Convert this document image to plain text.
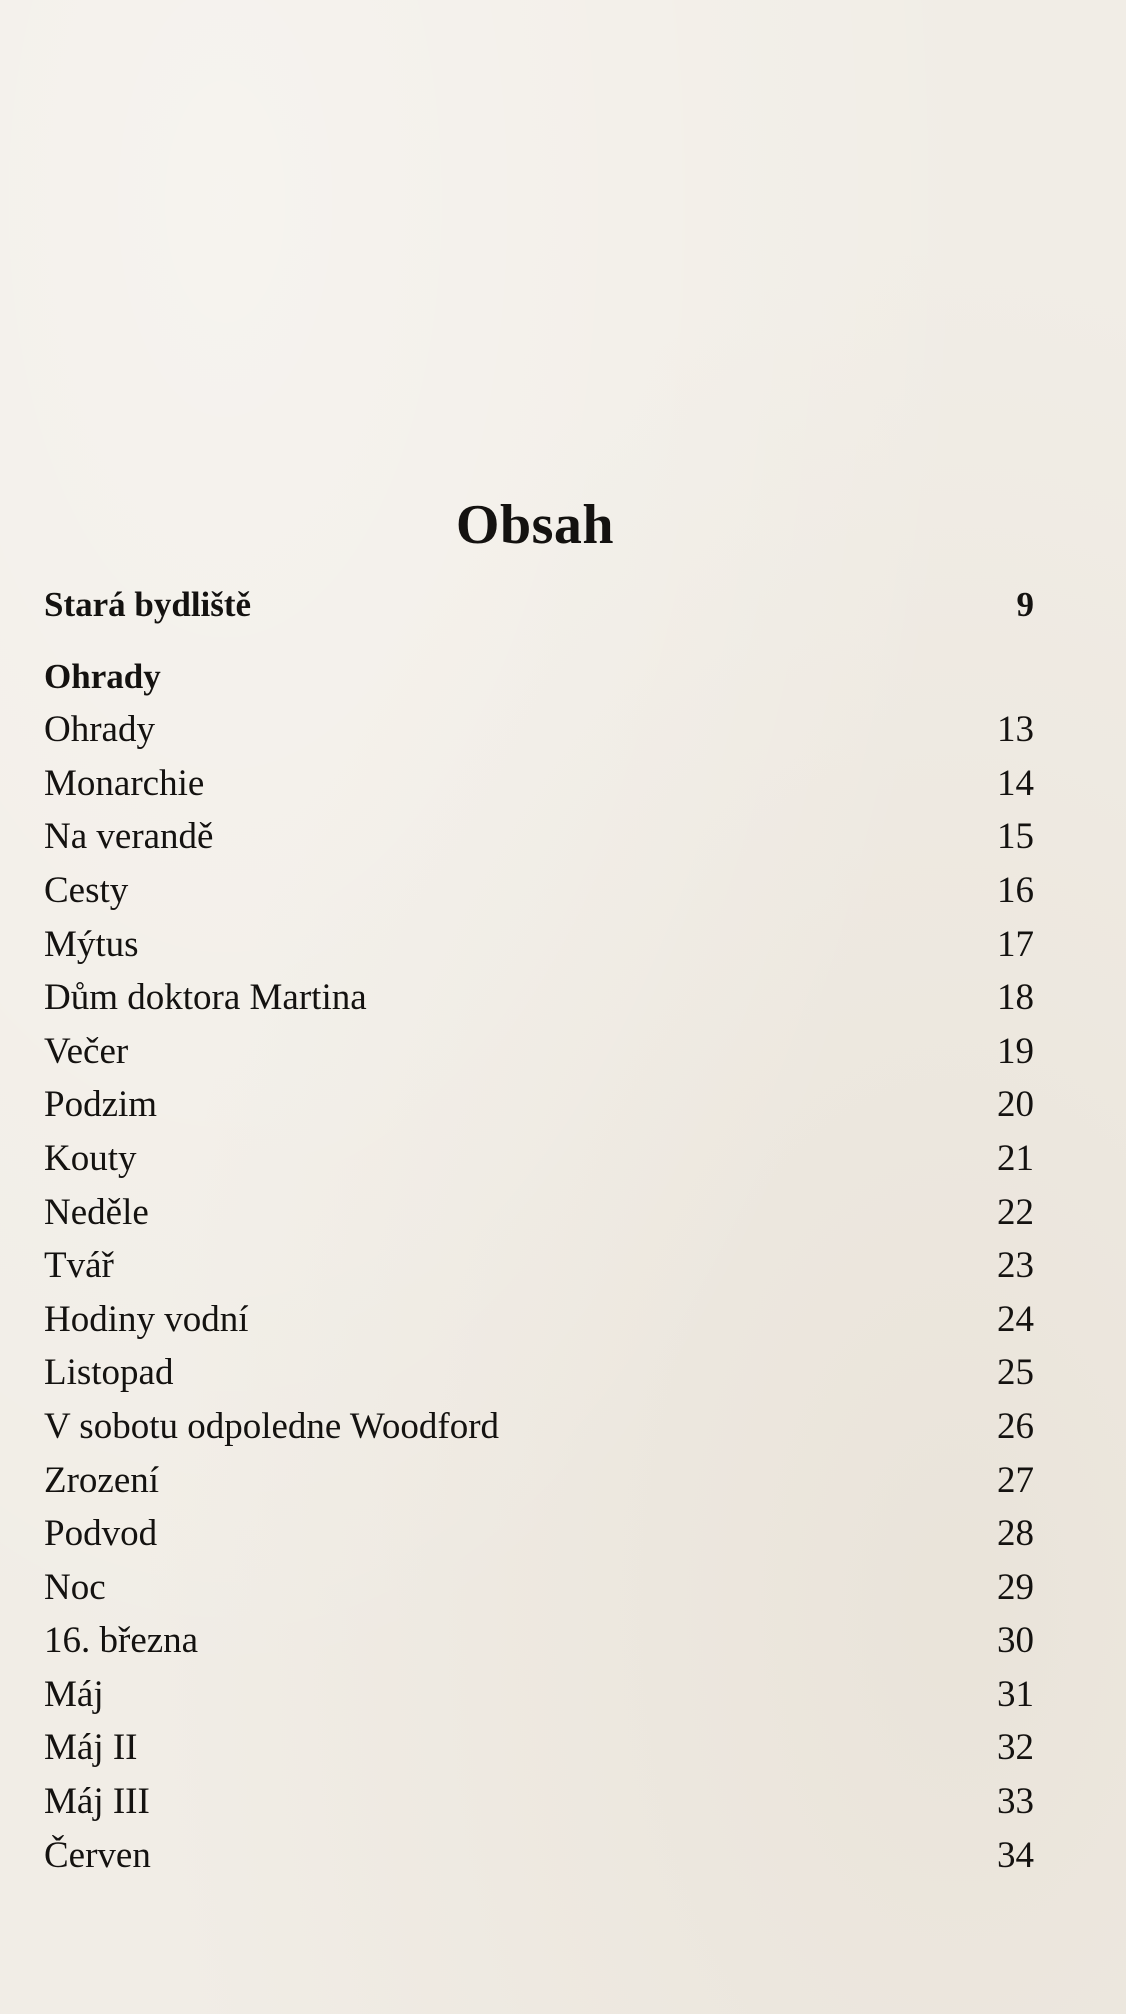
Obsah
Stará bydliště	9
Ohrady
Ohrady	13
Monarchie	14
Na verandě	15
Cesty	16
Mýtus	17
Dům doktora Martina	18
Večer	19
Podzim	20
Kouty	21
Neděle	22
Tvář	23
Hodiny vodní	24
Listopad	25
V sobotu odpoledne Woodford	26
Zrození	27
Podvod	28
Noc	29
16. března	30
Máj	31
Máj II	32
Máj III	33
Červen	34
